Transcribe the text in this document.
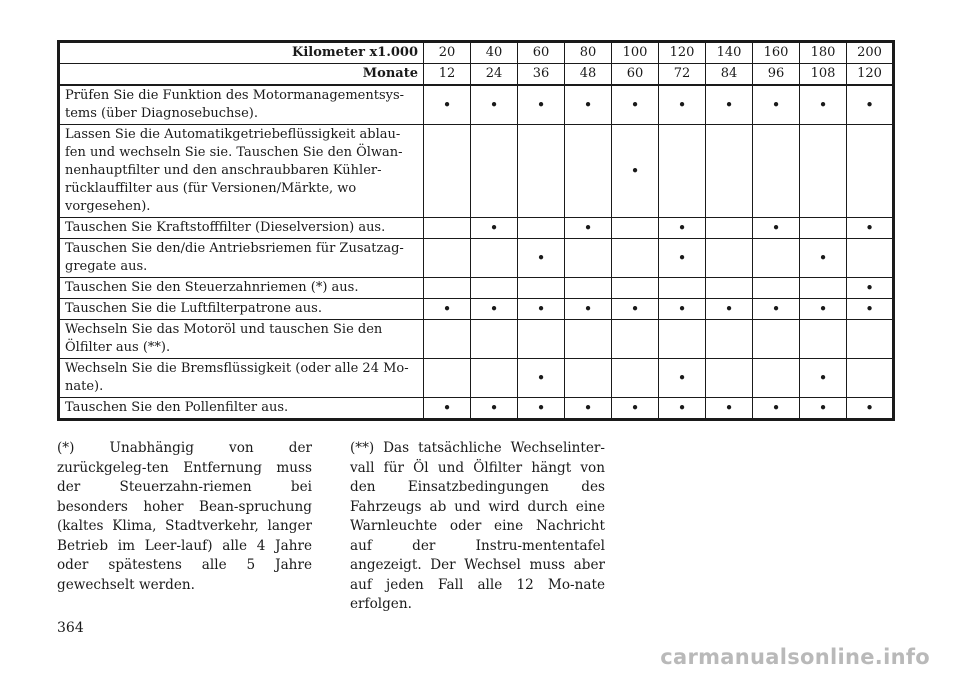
Kilometer x1.000	20	40	60	80	100	120	140	160	180	200
Monate	12	24	36	48	60	72	84	96	108	120
Prüfen Sie die Funktion des Motormanagementsys-
tems (über Diagnosebuchse).	•	•	•	•	•	•	•	•	•	•
Lassen Sie die Automatikgetriebeflüssigkeit ablau-
fen und wechseln Sie sie. Tauschen Sie den Ölwan-
nenhauptfilter und den anschraubbaren Kühler-
rücklauffilter aus (für Versionen/Märkte, wo
vorgesehen).					•					
Tauschen Sie Kraftstofffilter (Dieselversion) aus.		•		•		•		•		•
Tauschen Sie den/die Antriebsriemen für Zusatzag-
gregate aus.			•			•			•	
Tauschen Sie den Steuerzahnriemen (*) aus.										•
Tauschen Sie die Luftfilterpatrone aus.	•	•	•	•	•	•	•	•	•	•
Wechseln Sie das Motoröl und tauschen Sie den
Ölfilter aus (**).										
Wechseln Sie die Bremsflüssigkeit (oder alle 24 Mo-
nate).			•			•			•	
Tauschen Sie den Pollenfilter aus.	•	•	•	•	•	•	•	•	•	•

(*) Unabhängig von der zurückgeleg-ten Entfernung muss der Steuerzahn-riemen bei besonders hoher Bean-spruchung (kaltes Klima, Stadtverkehr, langer Betrieb im Leer-lauf) alle 4 Jahre oder spätestens alle 5 Jahre gewechselt werden.

(**) Das tatsächliche Wechselinter-vall für Öl und Ölfilter hängt von den Einsatzbedingungen des Fahrzeugs ab und wird durch eine Warnleuchte oder eine Nachricht auf der Instru-mententafel angezeigt. Der Wechsel muss aber auf jeden Fall alle 12 Mo-nate erfolgen.

364
carmanualsonline.info
